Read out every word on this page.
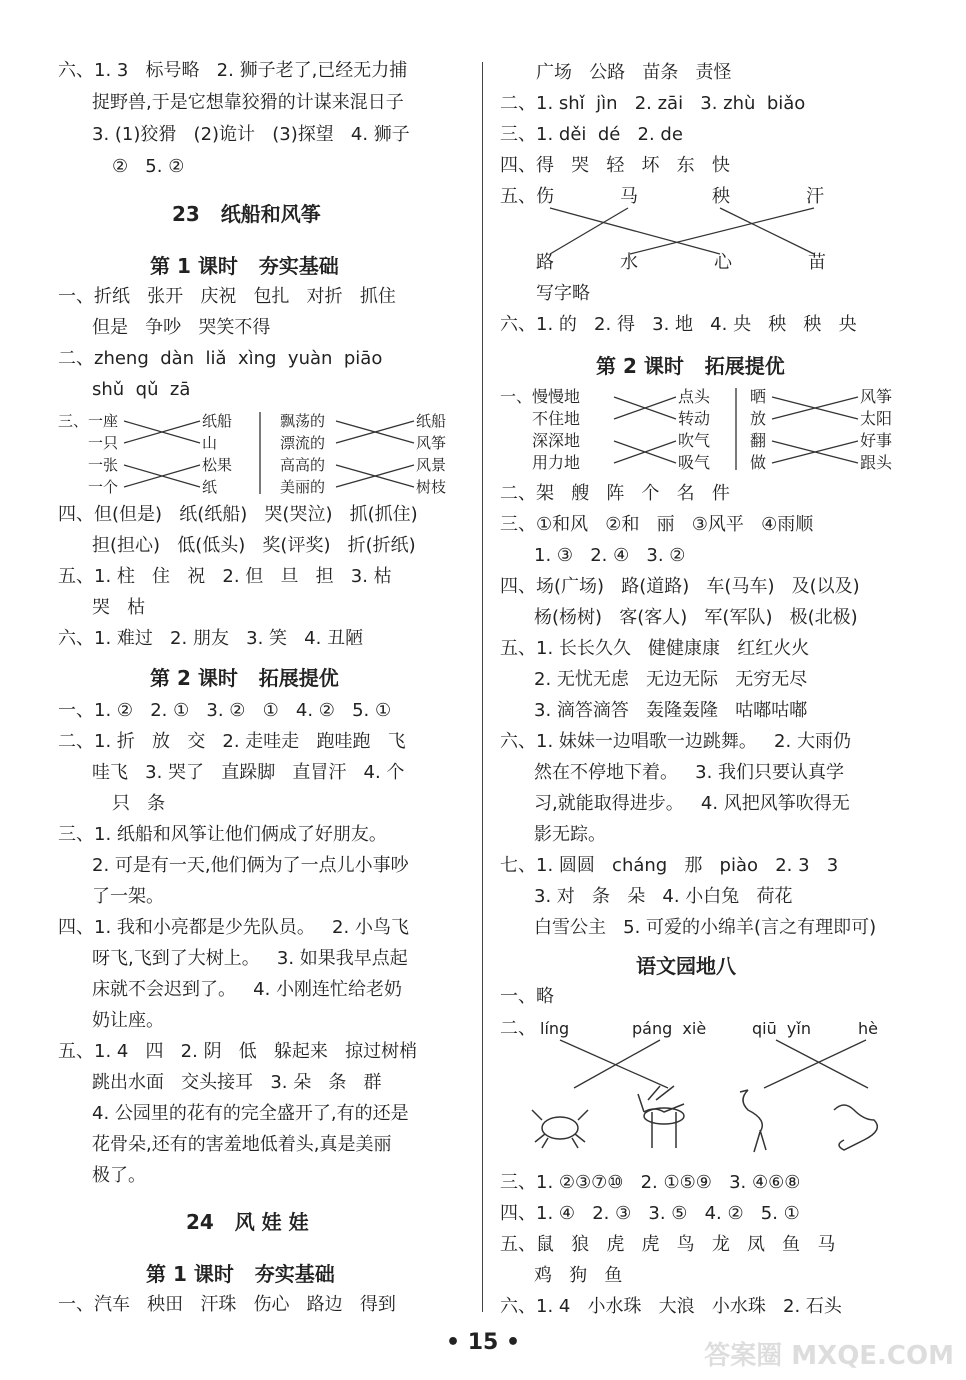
六、1. 3   标号略   2. 狮子老了,已经无力捕
捉野兽,于是它想靠狡猾的计谋来混日子
3. (1)狡猾   (2)诡计   (3)探望   4. 狮子
②   5. ②
23   纸船和风筝
第 1 课时   夯实基础
一、折纸   张开   庆祝   包扎   对折   抓住
但是   争吵   哭笑不得
二、zheng  dàn  liǎ  xìng  yuàn  piāo
shǔ  qǔ  zā
三、一座
一只
一张
一个
纸船
山
松果
纸
飘荡的
漂流的
高高的
美丽的
纸船
风筝
风景
树枝
四、但(但是)   纸(纸船)   哭(哭泣)   抓(抓住)
担(担心)   低(低头)   奖(评奖)   折(折纸)
五、1. 柱   住   祝   2. 但   旦   担   3. 枯
哭   枯
六、1. 难过   2. 朋友   3. 笑   4. 丑陋
第 2 课时   拓展提优
一、1. ②   2. ①   3. ②   ①   4. ②   5. ①
二、1. 折   放   交   2. 走哇走   跑哇跑   飞
哇飞   3. 哭了   直跺脚   直冒汗   4. 个
只   条
三、1. 纸船和风筝让他们俩成了好朋友。
2. 可是有一天,他们俩为了一点儿小事吵
了一架。
四、1. 我和小亮都是少先队员。   2. 小鸟飞
呀飞,飞到了大树上。   3. 如果我早点起
床就不会迟到了。   4. 小刚连忙给老奶
奶让座。
五、1. 4   四   2. 阴   低   躲起来   掠过树梢
跳出水面   交头接耳   3. 朵   条   群
4. 公园里的花有的完全盛开了,有的还是
花骨朵,还有的害羞地低着头,真是美丽
极了。
24   风 娃 娃
第 1 课时   夯实基础
一、汽车   秧田   汗珠   伤心   路边   得到
广场   公路   苗条   责怪
二、1. shǐ  jìn   2. zāi   3. zhù  biǎo
三、1. děi  dé   2. de
四、得   哭   轻   坏   东   快
五、伤	马	秧	汗
路	水	心	苗
写字略
六、1. 的   2. 得   3. 地   4. 央   秧   秧   央
第 2 课时   拓展提优
一、慢慢地
不住地
深深地
用力地
点头
转动
吹气
吸气
晒
放
翻
做
风筝
太阳
好事
跟头
二、架   艘   阵   个   名   件
三、①和风   ②和   丽   ③风平   ④雨顺
1. ③   2. ④   3. ②
四、场(广场)   路(道路)   车(马车)   及(以及)
杨(杨树)   客(客人)   军(军队)   极(北极)
五、1. 长长久久   健健康康   红红火火
2. 无忧无虑   无边无际   无穷无尽
3. 滴答滴答   轰隆轰隆   咕嘟咕嘟
六、1. 妹妹一边唱歌一边跳舞。   2. 大雨仍
然在不停地下着。   3. 我们只要认真学
习,就能取得进步。   4. 风把风筝吹得无
影无踪。
七、1. 圆圆   cháng   那   piào   2. 3   3
3. 对   条   朵   4. 小白兔   荷花
白雪公主   5. 可爱的小绵羊(言之有理即可)
语文园地八
一、略
二、 líng	páng  xiè	qiū  yǐn	hè
三、1. ②③⑦⑩   2. ①⑤⑨   3. ④⑥⑧
四、1. ④   2. ③   3. ⑤   4. ②   5. ①
五、鼠   狼   虎   虎   鸟   龙   凤   鱼   马
鸡   狗   鱼
六、1. 4   小水珠   大浪   小水珠   2. 石头
• 15 •	答案圈 MXQE.COM
